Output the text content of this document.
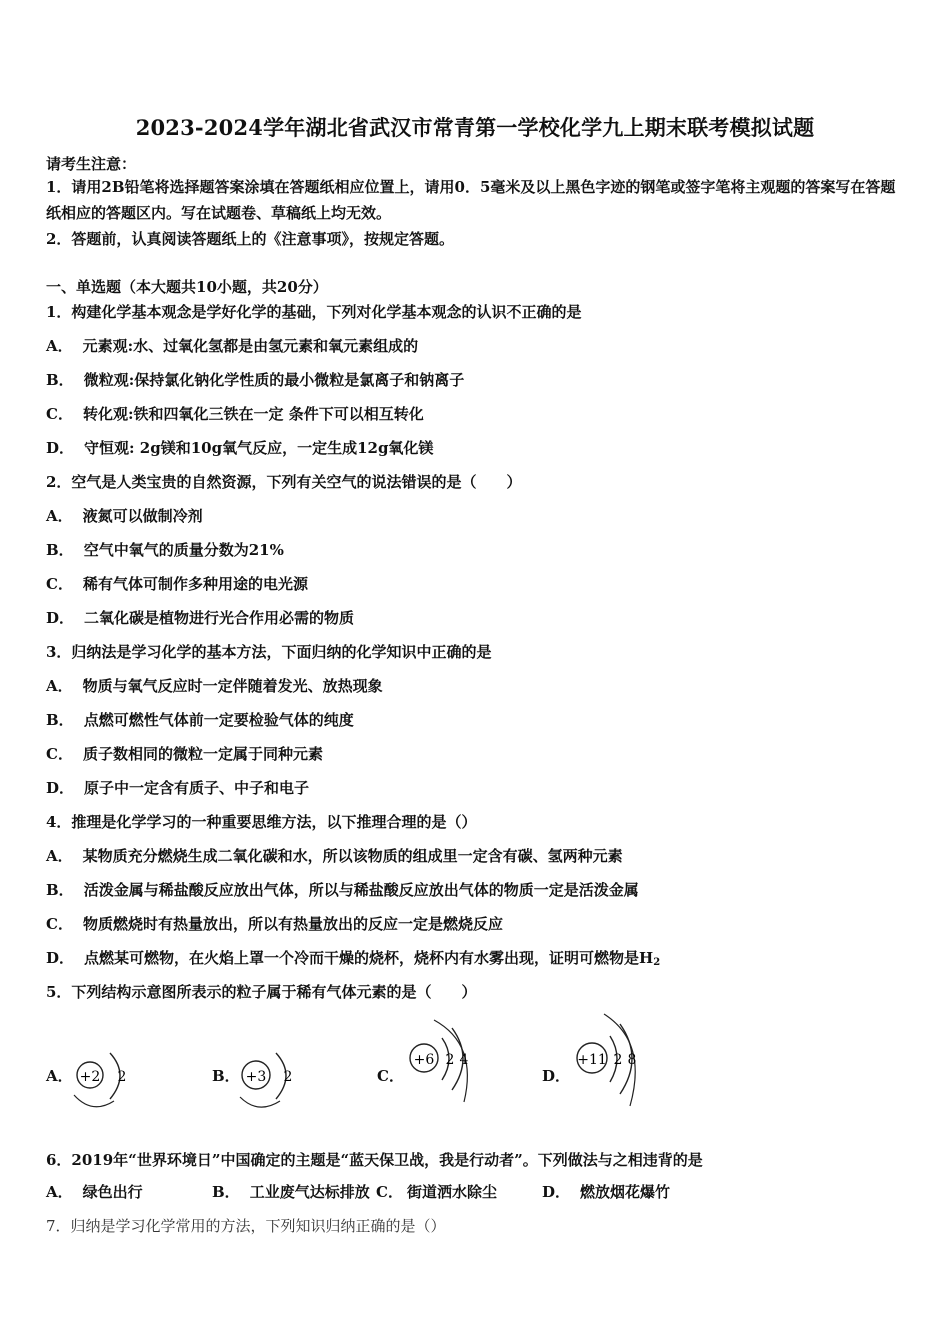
2023-2024学年湖北省武汉市常青第一学校化学九上期末联考模拟试题
请考生注意：
1．请用2B铅笔将选择题答案涂填在答题纸相应位置上，请用0．5毫米及以上黑色字迹的钢笔或签字笔将主观题的答案写在答题纸相应的答题区内。写在试题卷、草稿纸上均无效。
2．答题前，认真阅读答题纸上的《注意事项》，按规定答题。
一、单选题（本大题共10小题，共20分）
1．构建化学基本观念是学好化学的基础，下列对化学基本观念的认识不正确的是
A． 元素观:水、过氧化氢都是由氢元素和氧元素组成的
B． 微粒观:保持氯化钠化学性质的最小微粒是氯离子和钠离子
C． 转化观:铁和四氧化三铁在一定 条件下可以相互转化
D． 守恒观: 2g镁和10g氧气反应，一定生成12g氧化镁
2．空气是人类宝贵的自然资源，下列有关空气的说法错误的是（　　）
A． 液氮可以做制冷剂
B． 空气中氧气的质量分数为21%
C． 稀有气体可制作多种用途的电光源
D． 二氧化碳是植物进行光合作用必需的物质
3．归纳法是学习化学的基本方法，下面归纳的化学知识中正确的是
A． 物质与氧气反应时一定伴随着发光、放热现象
B． 点燃可燃性气体前一定要检验气体的纯度
C． 质子数相同的微粒一定属于同种元素
D． 原子中一定含有质子、中子和电子
4．推理是化学学习的一种重要思维方法，以下推理合理的是（）
A． 某物质充分燃烧生成二氧化碳和水，所以该物质的组成里一定含有碳、氢两种元素
B． 活泼金属与稀盐酸反应放出气体，所以与稀盐酸反应放出气体的物质一定是活泼金属
C． 物质燃烧时有热量放出，所以有热量放出的反应一定是燃烧反应
D． 点燃某可燃物，在火焰上罩一个冷而干燥的烧杯，烧杯内有水雾出现，证明可燃物是$H_2$
5．下列结构示意图所表示的粒子属于稀有气体元素的是（　　）
A． +2 2	B． +3 2	C．
+6 2 4
D．
+11 2 8
6．2019年“世界环境日”中国确定的主题是“蓝天保卫战，我是行动者”。下列做法与之相违背的是
A． 绿色出行	B． 工业废气达标排放 C． 街道洒水除尘	D． 燃放烟花爆竹
7．归纳是学习化学常用的方法，下列知识归纳正确的是（）
